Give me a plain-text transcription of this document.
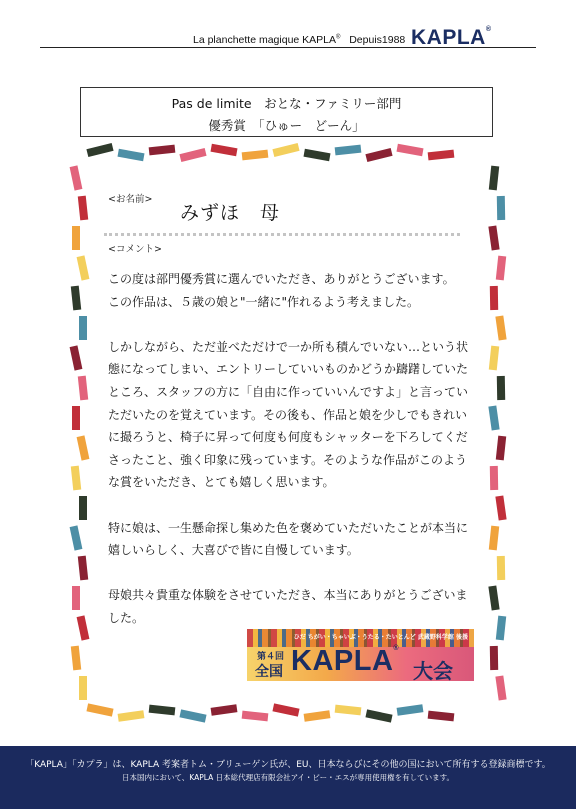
La planchette magique KAPLA® Depuis1988 KAPLA®
Pas de limite　おとな・ファミリー部門
優秀賞　「ひゅー　どーん」
<お名前>
みずほ　母
<コメント>

この度は部門優秀賞に選んでいただき、ありがとうございます。

この作品は、５歳の娘と"一緒に"作れるよう考えました。

しかしながら、ただ並べただけで一か所も積んでいない…という状

態になってしまい、エントリーしていいものかどうか躊躇していた

ところ、スタッフの方に「自由に作っていいんですよ」と言ってい

ただいたのを覚えています。その後も、作品と娘を少しでもきれい

に撮ろうと、椅子に昇って何度も何度もシャッターを下ろしてくだ

さったこと、強く印象に残っています。そのような作品がこのよう

な賞をいただき、とても嬉しく思います。

特に娘は、一生懸命探し集めた色を褒めていただいたことが本当に

嬉しいらしく、大喜びで皆に自慢しています。

母娘共々貴重な体験をさせていただき、本当にありがとうございま

した。

ひだ ちがい・ちゃいぶ・うたる・たいとんど 武蔵野科学館 後援
第４回
全国 KAPLA®
大会
「KAPLA」「カプラ」は、KAPLA 考案者トム・ブリューゲン氏が、EU、日本ならびにその他の国において所有する登録商標です。
日本国内において、KAPLA 日本総代理店有限会社アイ・ビー・エスが専用使用権を有しています。
